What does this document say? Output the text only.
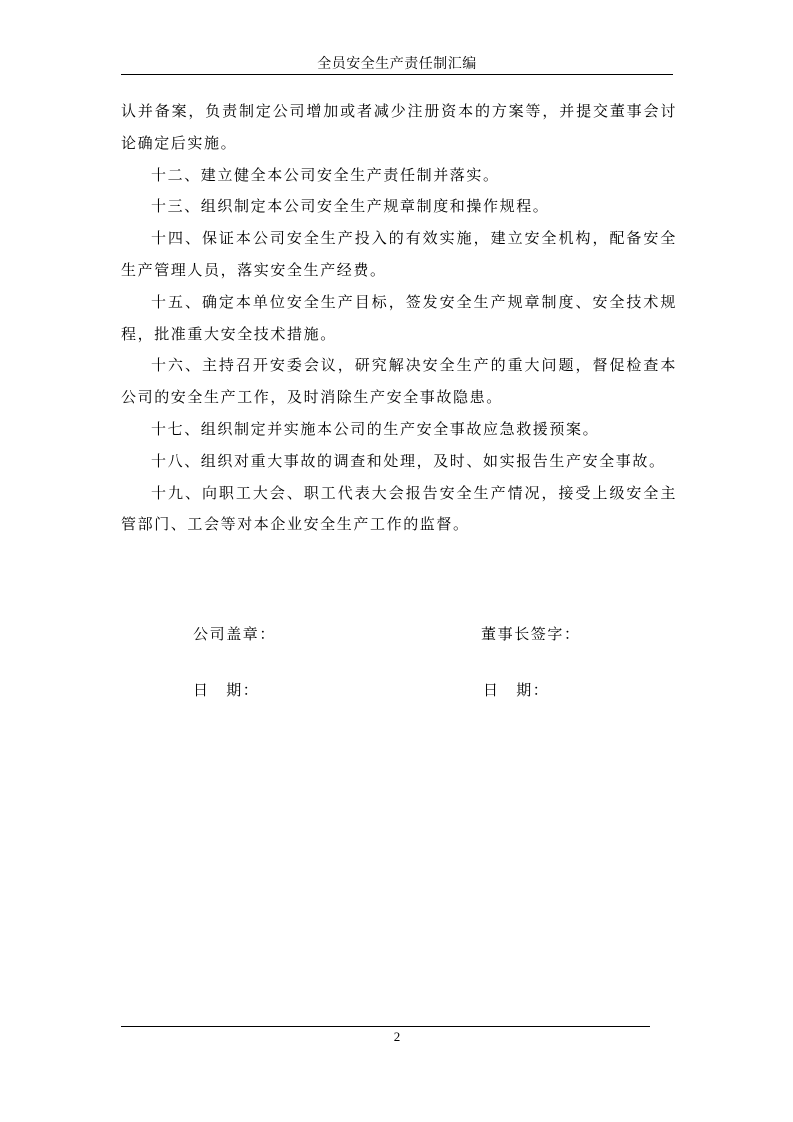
全员安全生产责任制汇编

认并备案，负责制定公司增加或者减少注册资本的方案等，并提交董事会讨论确定后实施。

十二、建立健全本公司安全生产责任制并落实。

十三、组织制定本公司安全生产规章制度和操作规程。

十四、保证本公司安全生产投入的有效实施，建立安全机构，配备安全生产管理人员，落实安全生产经费。

十五、确定本单位安全生产目标，签发安全生产规章制度、安全技术规程，批准重大安全技术措施。

十六、主持召开安委会议，研究解决安全生产的重大问题，督促检查本公司的安全生产工作，及时消除生产安全事故隐患。

十七、组织制定并实施本公司的生产安全事故应急救援预案。

十八、组织对重大事故的调查和处理，及时、如实报告生产安全事故。

十九、向职工大会、职工代表大会报告安全生产情况，接受上级安全主管部门、工会等对本企业安全生产工作的监督。

公司盖章：	董事长签字：
日　期：	日　期：
2
